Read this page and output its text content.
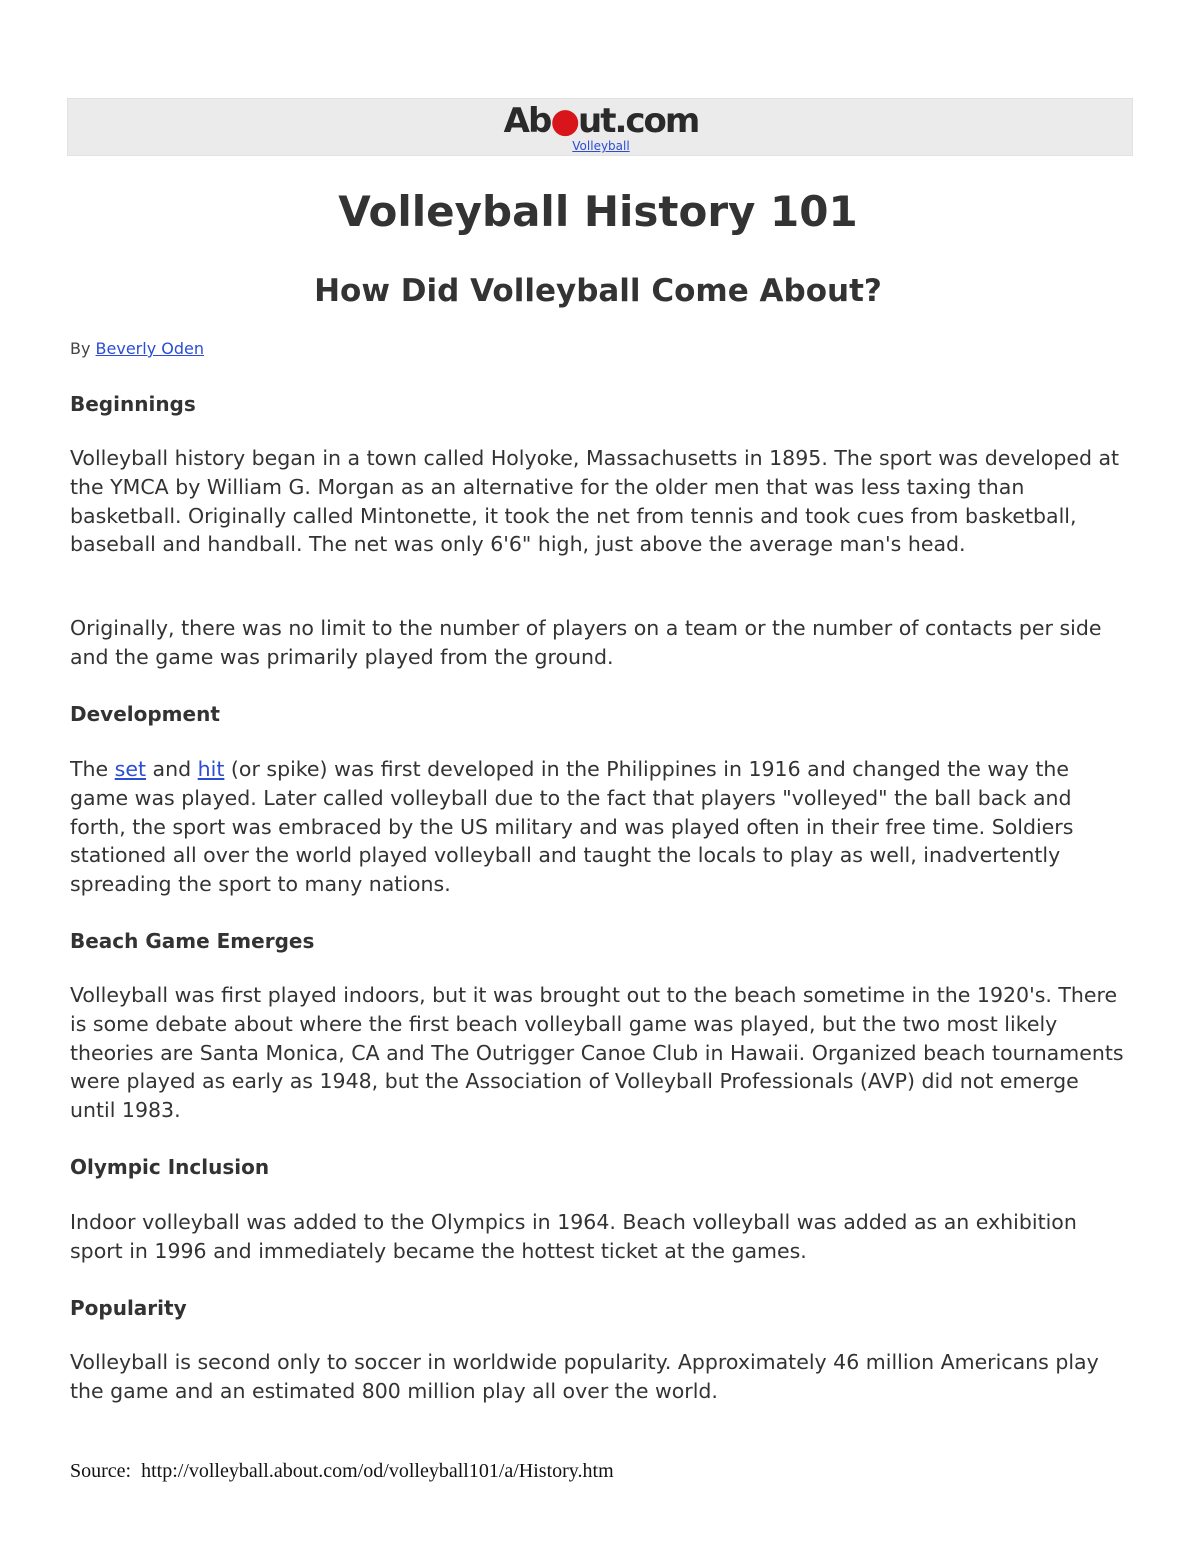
Ab●ut.com
Volleyball
Volleyball History 101
How Did Volleyball Come About?
By Beverly Oden
Beginnings

Volleyball history began in a town called Holyoke, Massachusetts in 1895. The sport was developed at the YMCA by William G. Morgan as an alternative for the older men that was less taxing than basketball. Originally called Mintonette, it took the net from tennis and took cues from basketball, baseball and handball. The net was only 6'6" high, just above the average man's head.

Originally, there was no limit to the number of players on a team or the number of contacts per side and the game was primarily played from the ground.

Development

The set and hit (or spike) was first developed in the Philippines in 1916 and changed the way the game was played. Later called volleyball due to the fact that players "volleyed" the ball back and forth, the sport was embraced by the US military and was played often in their free time. Soldiers stationed all over the world played volleyball and taught the locals to play as well, inadvertently spreading the sport to many nations.

Beach Game Emerges

Volleyball was first played indoors, but it was brought out to the beach sometime in the 1920's. There is some debate about where the first beach volleyball game was played, but the two most likely theories are Santa Monica, CA and The Outrigger Canoe Club in Hawaii. Organized beach tournaments were played as early as 1948, but the Association of Volleyball Professionals (AVP) did not emerge until 1983.

Olympic Inclusion

Indoor volleyball was added to the Olympics in 1964. Beach volleyball was added as an exhibition sport in 1996 and immediately became the hottest ticket at the games.

Popularity

Volleyball is second only to soccer in worldwide popularity. Approximately 46 million Americans play the game and an estimated 800 million play all over the world.

Source: http://volleyball.about.com/od/volleyball101/a/History.htm
